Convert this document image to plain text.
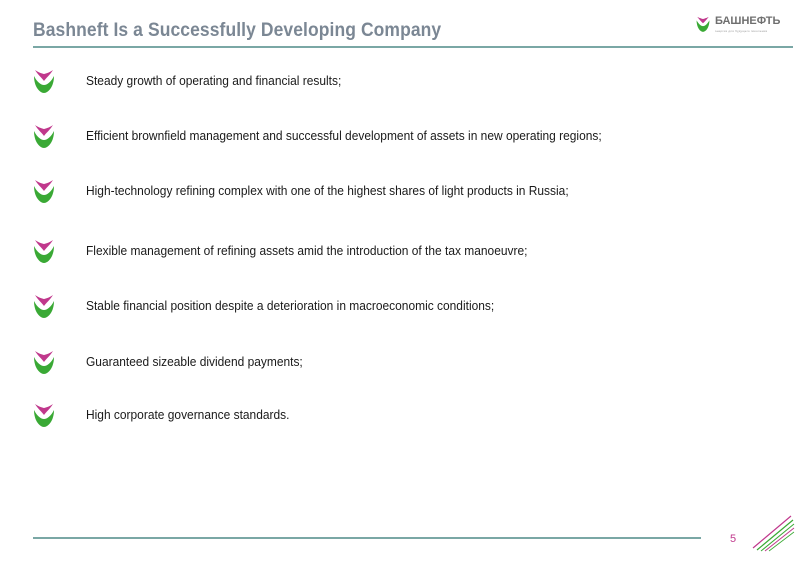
Bashneft Is a Successfully Developing Company	БАШНЕФТЬ
энергия для будущего поколения
Steady growth of operating and financial results;
Efficient brownfield management and successful development of assets in new operating regions;
High-technology refining complex with one of the highest shares of light products in Russia;
Flexible management of refining assets amid the introduction of the tax manoeuvre;
Stable financial position despite a deterioration in macroeconomic conditions;
Guaranteed sizeable dividend payments;
High corporate governance standards.
5
